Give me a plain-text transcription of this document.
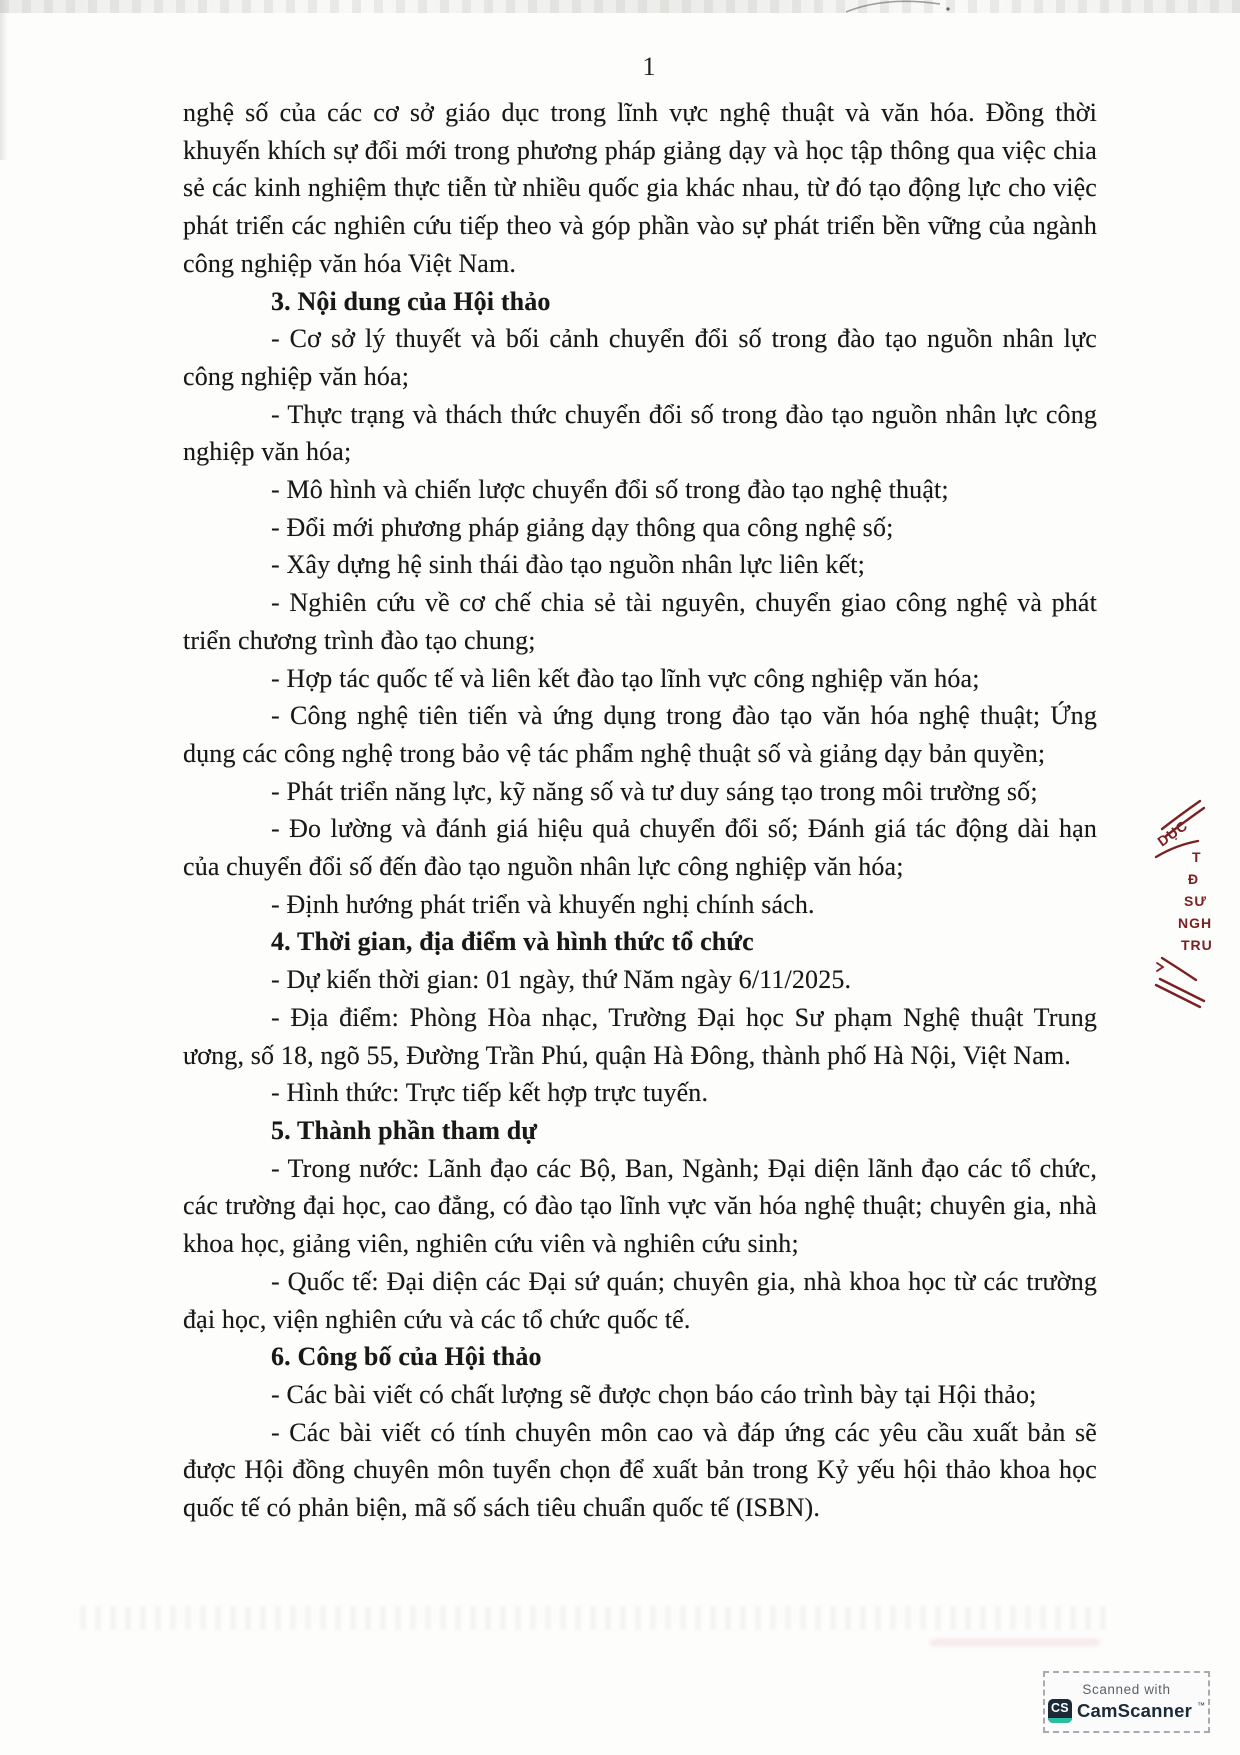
1

nghệ số của các cơ sở giáo dục trong lĩnh vực nghệ thuật và văn hóa. Đồng thời khuyến khích sự đổi mới trong phương pháp giảng dạy và học tập thông qua việc chia sẻ các kinh nghiệm thực tiễn từ nhiều quốc gia khác nhau, từ đó tạo động lực cho việc phát triển các nghiên cứu tiếp theo và góp phần vào sự phát triển bền vững của ngành công nghiệp văn hóa Việt Nam.

3. Nội dung của Hội thảo

- Cơ sở lý thuyết và bối cảnh chuyển đổi số trong đào tạo nguồn nhân lực công nghiệp văn hóa;

- Thực trạng và thách thức chuyển đổi số trong đào tạo nguồn nhân lực công nghiệp văn hóa;

- Mô hình và chiến lược chuyển đổi số trong đào tạo nghệ thuật;

- Đổi mới phương pháp giảng dạy thông qua công nghệ số;

- Xây dựng hệ sinh thái đào tạo nguồn nhân lực liên kết;

- Nghiên cứu về cơ chế chia sẻ tài nguyên, chuyển giao công nghệ và phát triển chương trình đào tạo chung;

- Hợp tác quốc tế và liên kết đào tạo lĩnh vực công nghiệp văn hóa;

- Công nghệ tiên tiến và ứng dụng trong đào tạo văn hóa nghệ thuật; Ứng dụng các công nghệ trong bảo vệ tác phẩm nghệ thuật số và giảng dạy bản quyền;

- Phát triển năng lực, kỹ năng số và tư duy sáng tạo trong môi trường số;

- Đo lường và đánh giá hiệu quả chuyển đổi số; Đánh giá tác động dài hạn của chuyển đổi số đến đào tạo nguồn nhân lực công nghiệp văn hóa;

- Định hướng phát triển và khuyến nghị chính sách.

4. Thời gian, địa điểm và hình thức tổ chức

- Dự kiến thời gian: 01 ngày, thứ Năm ngày 6/11/2025.

- Địa điểm: Phòng Hòa nhạc, Trường Đại học Sư phạm Nghệ thuật Trung ương, số 18, ngõ 55, Đường Trần Phú, quận Hà Đông, thành phố Hà Nội, Việt Nam.

- Hình thức: Trực tiếp kết hợp trực tuyến.

5. Thành phần tham dự

- Trong nước: Lãnh đạo các Bộ, Ban, Ngành; Đại diện lãnh đạo các tổ chức, các trường đại học, cao đẳng, có đào tạo lĩnh vực văn hóa nghệ thuật; chuyên gia, nhà khoa học, giảng viên, nghiên cứu viên và nghiên cứu sinh;

- Quốc tế: Đại diện các Đại sứ quán; chuyên gia, nhà khoa học từ các trường đại học, viện nghiên cứu và các tổ chức quốc tế.

6. Công bố của Hội thảo

- Các bài viết có chất lượng sẽ được chọn báo cáo trình bày tại Hội thảo;

- Các bài viết có tính chuyên môn cao và đáp ứng các yêu cầu xuất bản sẽ được Hội đồng chuyên môn tuyển chọn để xuất bản trong Kỷ yếu hội thảo khoa học quốc tế có phản biện, mã số sách tiêu chuẩn quốc tế (ISBN).

DỤC
T
Đ
SƯ
NGH
TRU
Scanned with
CS CamScanner ™
